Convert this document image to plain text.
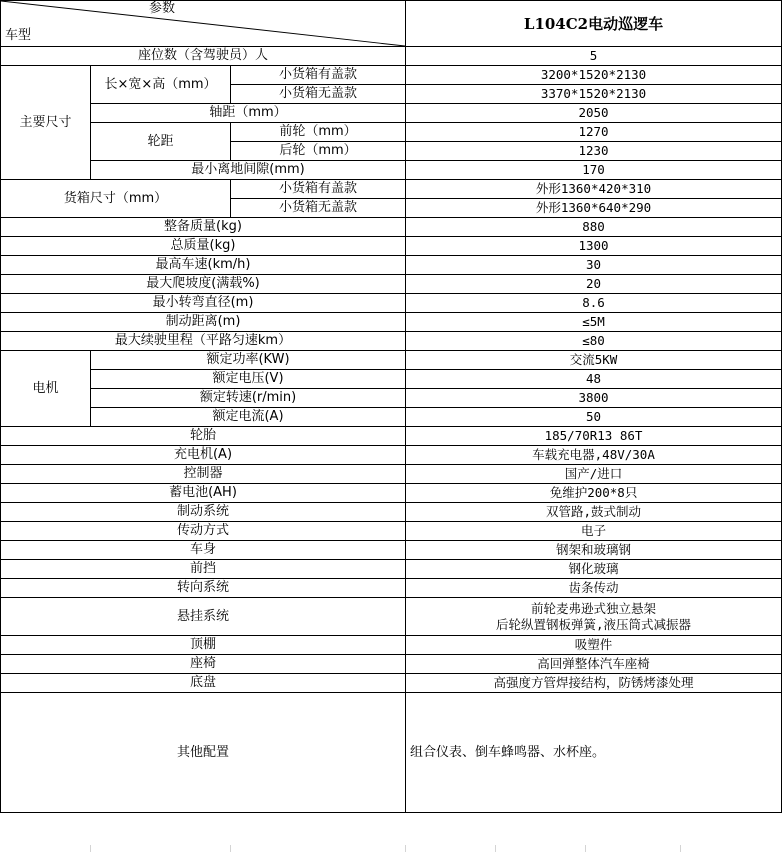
参数
车型			L104C2电动巡逻车
座位数（含驾驶员）人			5
主要尺寸	长×宽×高（mm）	小货箱有盖款	3200*1520*2130
		小货箱无盖款	3370*1520*2130
	轴距（mm）		2050
	轮距	前轮（mm）	1270
		后轮（mm）	1230
	最小离地间隙(mm)		170
货箱尺寸（mm）		小货箱有盖款	外形1360*420*310
		小货箱无盖款	外形1360*640*290
整备质量(kg)			880
总质量(kg)			1300
最高车速(km/h)			30
最大爬坡度(满载%)			20
最小转弯直径(m)			8.6
制动距离(m)			≤5M
最大续驶里程（平路匀速km）			≤80
电机	额定功率(KW)		交流5KW
	额定电压(V)		48
	额定转速(r/min)		3800
	额定电流(A)		50
轮胎			185/70R13 86T
充电机(A)			车载充电器,48V/30A
控制器			国产/进口
蓄电池(AH)			免维护200*8只
制动系统			双管路,鼓式制动
传动方式			电子
车身			钢架和玻璃钢
前挡			钢化玻璃
转向系统			齿条传动
悬挂系统			前轮麦弗逊式独立悬架
后轮纵置钢板弹簧,液压筒式减振器
顶棚			吸塑件
座椅			高回弹整体汽车座椅
底盘			高强度方管焊接结构，防锈烤漆处理
其他配置			组合仪表、倒车蜂鸣器、水杯座。
